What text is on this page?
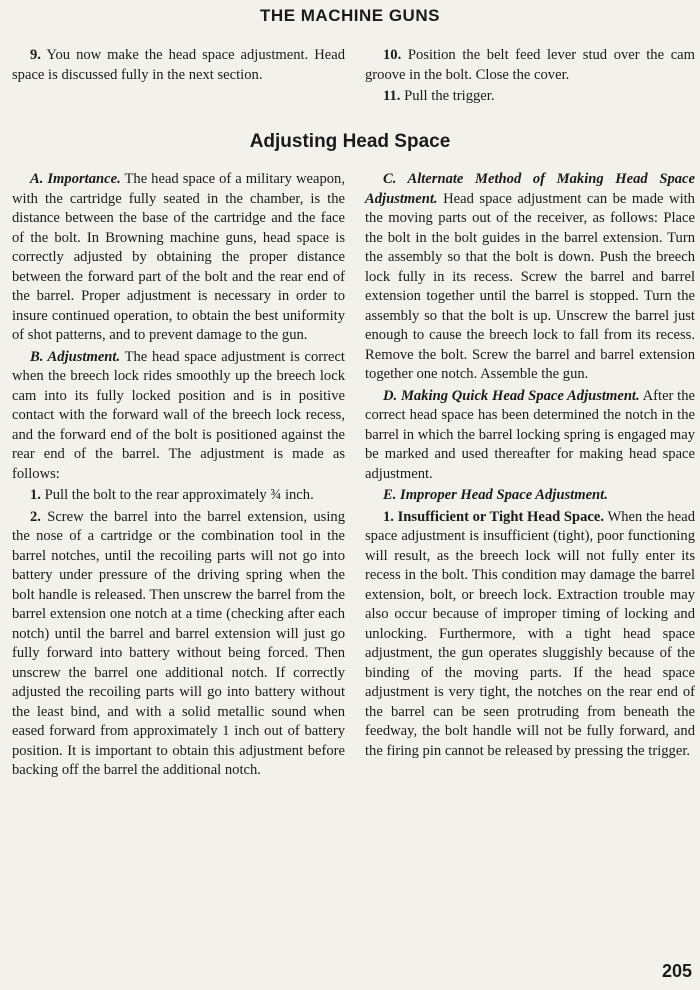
THE MACHINE GUNS

9. You now make the head space adjustment. Head space is discussed fully in the next section.

10. Position the belt feed lever stud over the cam groove in the bolt. Close the cover.

11. Pull the trigger.

Adjusting Head Space

A. Importance. The head space of a military weapon, with the cartridge fully seated in the chamber, is the distance between the base of the cartridge and the face of the bolt. In Browning machine guns, head space is correctly adjusted by obtaining the proper distance between the forward part of the bolt and the rear end of the barrel. Proper adjustment is necessary in order to insure continued operation, to obtain the best uniformity of shot patterns, and to prevent damage to the gun.

B. Adjustment. The head space adjustment is correct when the breech lock rides smoothly up the breech lock cam into its fully locked position and is in positive contact with the forward wall of the breech lock recess, and the forward end of the bolt is positioned against the rear end of the barrel. The adjustment is made as follows:

1. Pull the bolt to the rear approximately ¾ inch.

2. Screw the barrel into the barrel extension, using the nose of a cartridge or the combination tool in the barrel notches, until the recoiling parts will not go into battery under pressure of the driving spring when the bolt handle is released. Then unscrew the barrel from the barrel extension one notch at a time (checking after each notch) until the barrel and barrel extension will just go fully forward into battery without being forced. Then unscrew the barrel one additional notch. If correctly adjusted the recoiling parts will go into battery without the least bind, and with a solid metallic sound when eased forward from approximately 1 inch out of battery position. It is important to obtain this adjustment before backing off the barrel the additional notch.

C. Alternate Method of Making Head Space Adjustment. Head space adjustment can be made with the moving parts out of the receiver, as follows: Place the bolt in the bolt guides in the barrel extension. Turn the assembly so that the bolt is down. Push the breech lock fully in its recess. Screw the barrel and barrel extension together until the barrel is stopped. Turn the assembly so that the bolt is up. Unscrew the barrel just enough to cause the breech lock to fall from its recess. Remove the bolt. Screw the barrel and barrel extension together one notch. Assemble the gun.

D. Making Quick Head Space Adjustment. After the correct head space has been determined the notch in the barrel in which the barrel locking spring is engaged may be marked and used thereafter for making head space adjustment.

E. Improper Head Space Adjustment.

1. Insufficient or Tight Head Space. When the head space adjustment is insufficient (tight), poor functioning will result, as the breech lock will not fully enter its recess in the bolt. This condition may damage the barrel extension, bolt, or breech lock. Extraction trouble may also occur because of improper timing of locking and unlocking. Furthermore, with a tight head space adjustment, the gun operates sluggishly because of the binding of the moving parts. If the head space adjustment is very tight, the notches on the rear end of the barrel can be seen protruding from beneath the feedway, the bolt handle will not be fully forward, and the firing pin cannot be released by pressing the trigger.

205
